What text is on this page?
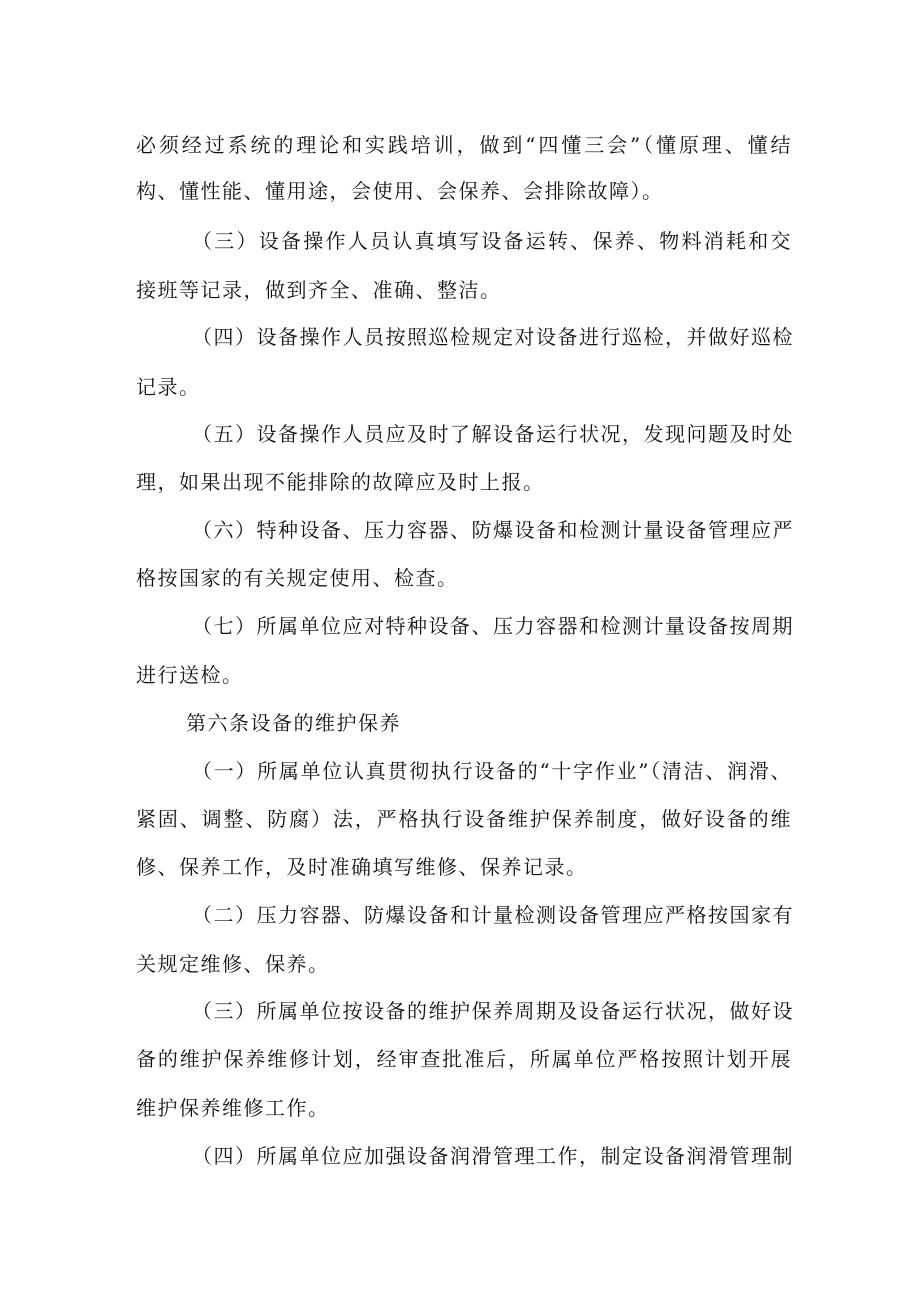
必须经过系统的理论和实践培训，做到“四懂三会”（懂原理、懂结
构、懂性能、懂用途，会使用、会保养、会排除故障）。
（三）设备操作人员认真填写设备运转、保养、物料消耗和交
接班等记录，做到齐全、准确、整洁。
（四）设备操作人员按照巡检规定对设备进行巡检，并做好巡检
记录。
（五）设备操作人员应及时了解设备运行状况，发现问题及时处
理，如果出现不能排除的故障应及时上报。
（六）特种设备、压力容器、防爆设备和检测计量设备管理应严
格按国家的有关规定使用、检查。
（七）所属单位应对特种设备、压力容器和检测计量设备按周期
进行送检。
第六条设备的维护保养
（一）所属单位认真贯彻执行设备的“十字作业”（清洁、润滑、
紧固、调整、防腐）法，严格执行设备维护保养制度，做好设备的维
修、保养工作，及时准确填写维修、保养记录。
（二）压力容器、防爆设备和计量检测设备管理应严格按国家有
关规定维修、保养。
（三）所属单位按设备的维护保养周期及设备运行状况，做好设
备的维护保养维修计划，经审查批准后，所属单位严格按照计划开展
维护保养维修工作。
（四）所属单位应加强设备润滑管理工作，制定设备润滑管理制
